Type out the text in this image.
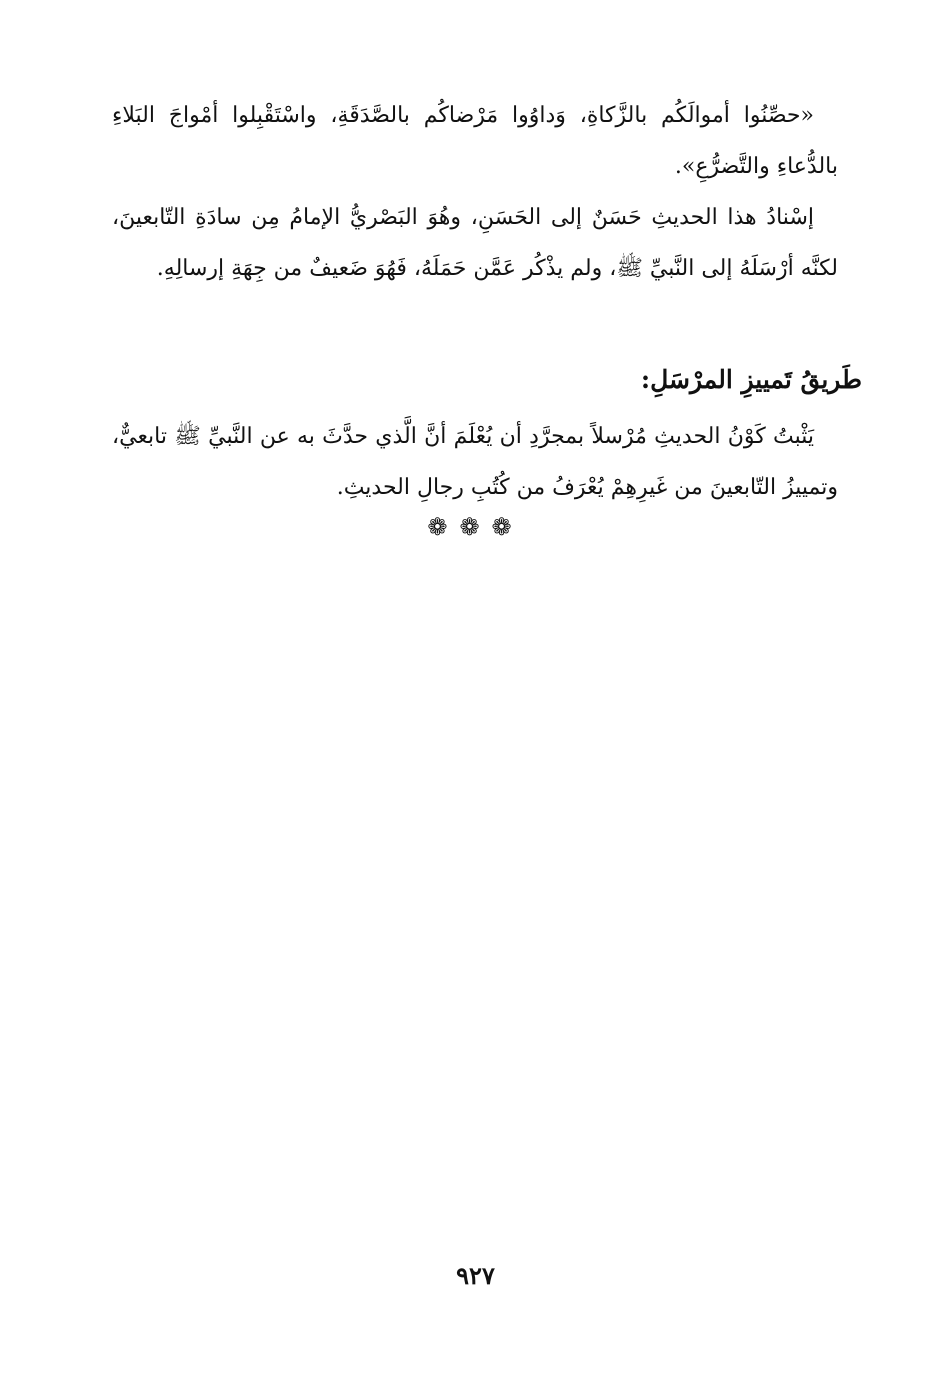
«حصِّنُوا أموالَكُم بالزَّكاةِ، وَداوُوا مَرْضاكُم بالصَّدَقَةِ، واسْتَقْبِلوا أمْواجَ البَلاءِ بالدُّعاءِ والتَّضرُّعِ».

إسْنادُ هذا الحديثِ حَسَنٌ إلى الحَسَنِ، وهُوَ البَصْريُّ الإمامُ مِن سادَةِ التّابعينَ، لكنَّه أرْسَلَهُ إلى النَّبيِّ ﷺ، ولم يذْكُر عَمَّن حَمَلَهُ، فَهُوَ ضَعيفٌ من جِهَةِ إرسالِهِ.

طَريقُ تَمييزِ المرْسَلِ:

يَثْبتُ كَوْنُ الحديثِ مُرْسلاً بمجرَّدِ أن يُعْلَمَ أنَّ الَّذي حدَّثَ به عن النَّبيِّ ﷺ تابعيٌّ، وتمييزُ التّابعينَ من غَيرِهِمْ يُعْرَفُ من كُتُبِ رجالِ الحديثِ.

❁❁❁
٩٢٧
